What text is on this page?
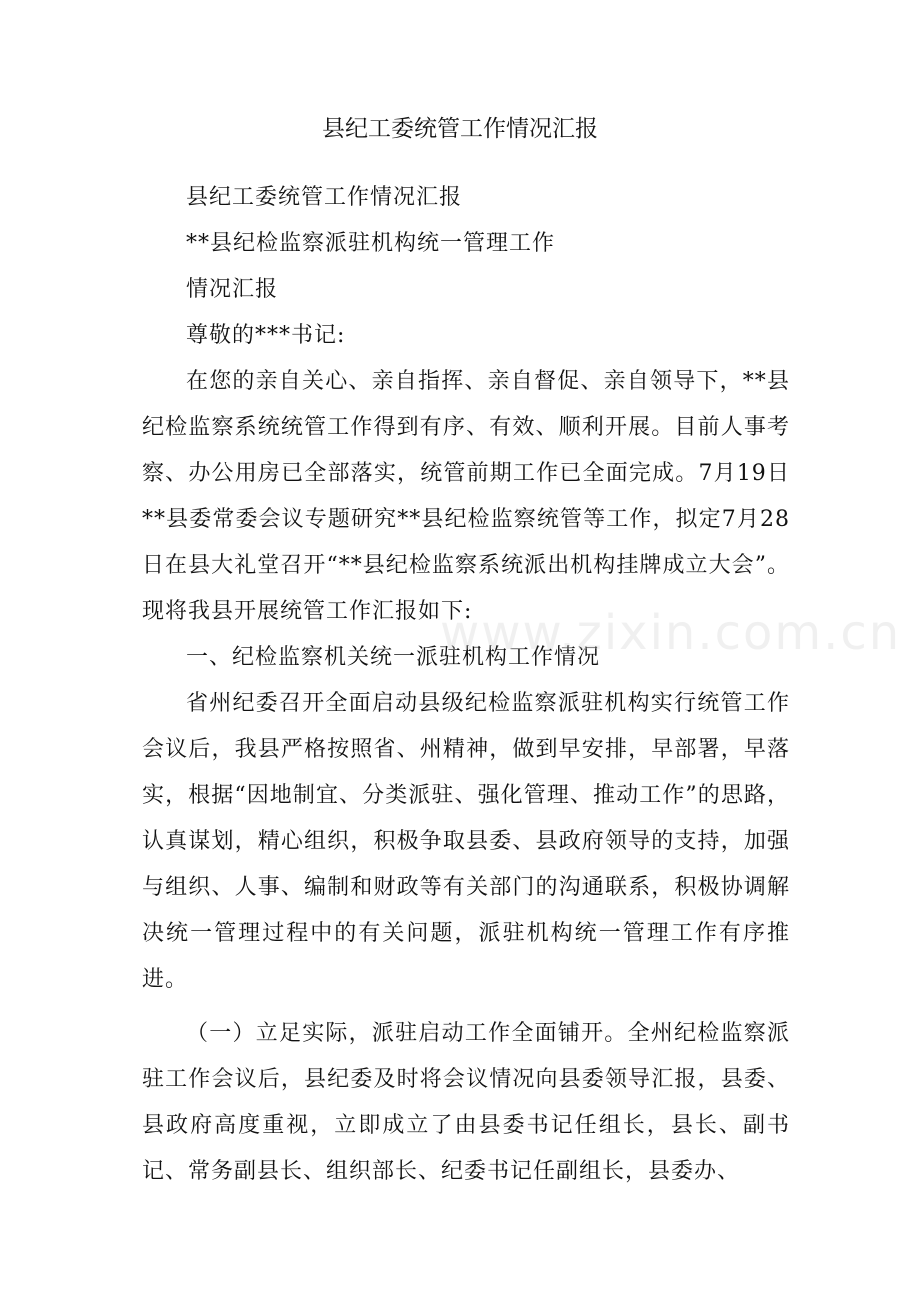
县纪工委统管工作情况汇报

县纪工委统管工作情况汇报

**县纪检监察派驻机构统一管理工作

情况汇报

尊敬的***书记:

在您的亲自关心、亲自指挥、亲自督促、亲自领导下，**县纪检监察系统统管工作得到有序、有效、顺利开展。目前人事考察、办公用房已全部落实，统管前期工作已全面完成。7月19日**县委常委会议专题研究**县纪检监察统管等工作，拟定7月28日在县大礼堂召开“**县纪检监察系统派出机构挂牌成立大会”。现将我县开展统管工作汇报如下:

一、纪检监察机关统一派驻机构工作情况

省州纪委召开全面启动县级纪检监察派驻机构实行统管工作会议后，我县严格按照省、州精神，做到早安排，早部署，早落实，根据“因地制宜、分类派驻、强化管理、推动工作”的思路，认真谋划，精心组织，积极争取县委、县政府领导的支持，加强与组织、人事、编制和财政等有关部门的沟通联系，积极协调解决统一管理过程中的有关问题，派驻机构统一管理工作有序推进。

（一）立足实际，派驻启动工作全面铺开。全州纪检监察派驻工作会议后，县纪委及时将会议情况向县委领导汇报，县委、县政府高度重视，立即成立了由县委书记任组长，县长、副书记、常务副县长、组织部长、纪委书记任副组长，县委办、

www.zixin.com.cn
